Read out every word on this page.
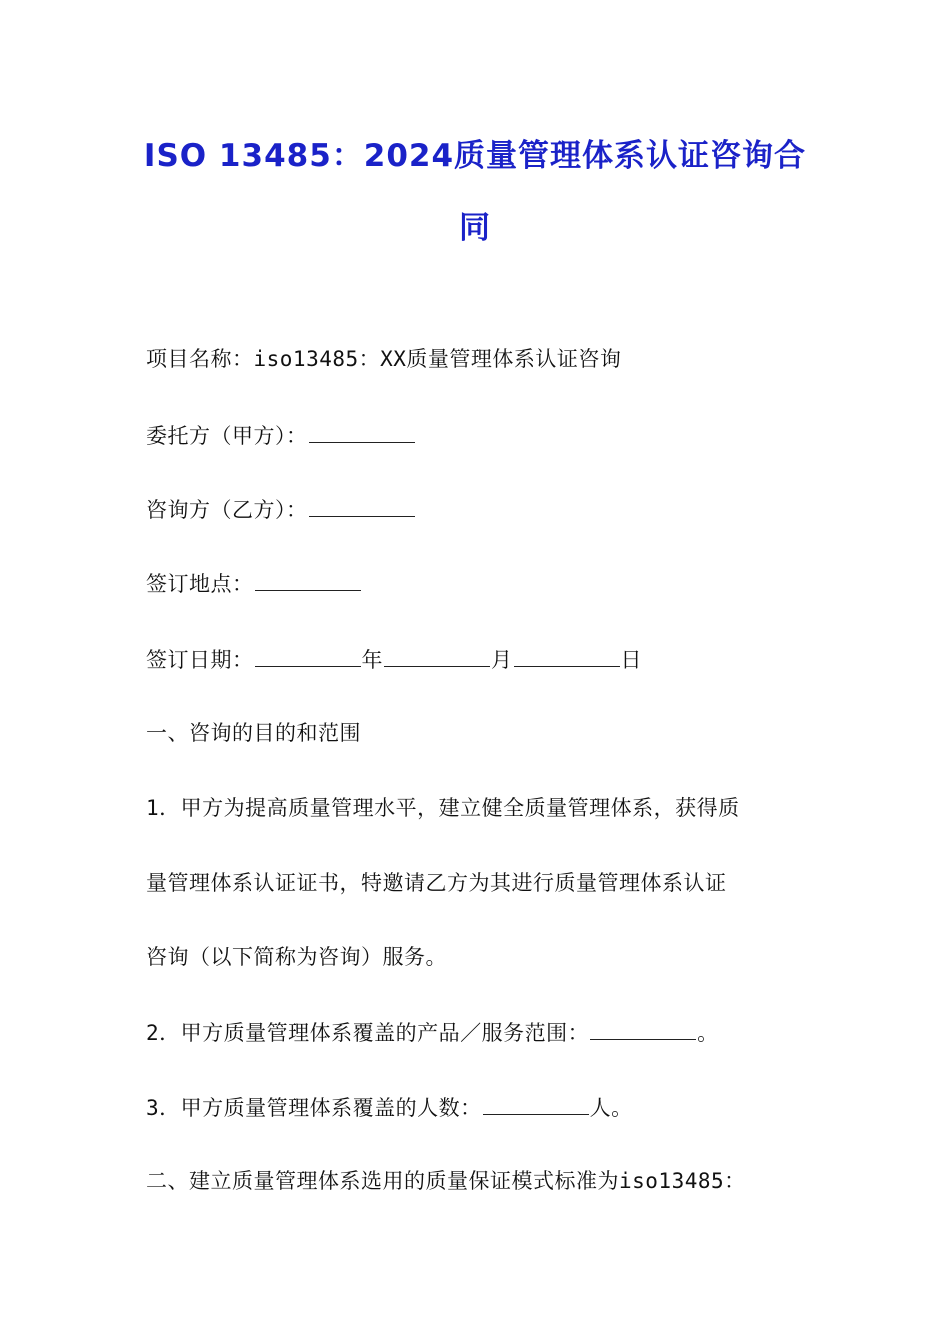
ISO 13485：2024质量管理体系认证咨询合
同
项目名称：iso13485：XX质量管理体系认证咨询
委托方（甲方）：
咨询方（乙方）：
签订地点：
签订日期：	年	月	日
一、咨询的目的和范围
1．甲方为提高质量管理水平，建立健全质量管理体系，获得质
量管理体系认证证书，特邀请乙方为其进行质量管理体系认证
咨询（以下简称为咨询）服务。
2．甲方质量管理体系覆盖的产品／服务范围：	。
3．甲方质量管理体系覆盖的人数：	人。
二、建立质量管理体系选用的质量保证模式标准为iso13485：
